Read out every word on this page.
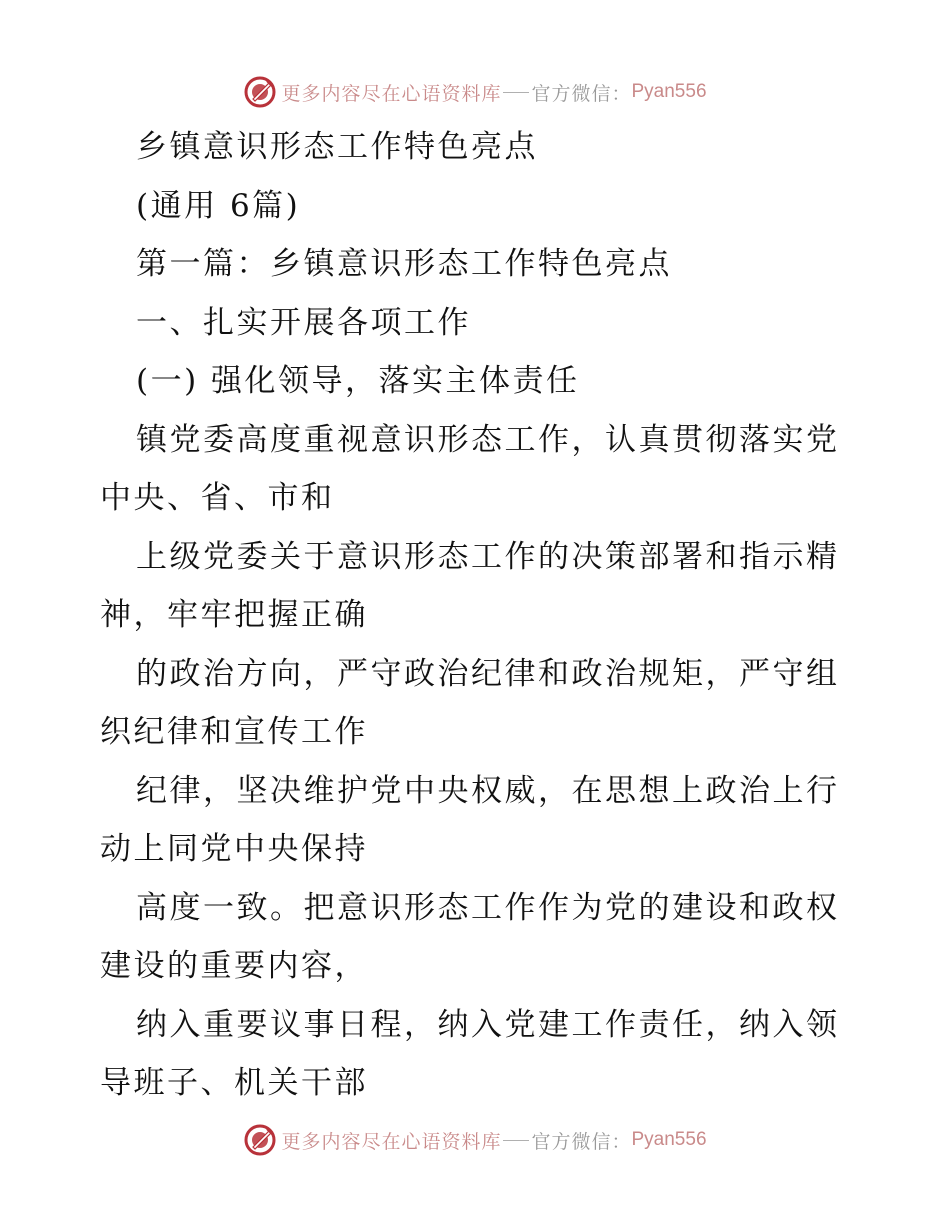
更多内容尽在心语资料库 官方微信： Pyan556
乡镇意识形态工作特色亮点
(通用 6篇)
第一篇：乡镇意识形态工作特色亮点
一、扎实开展各项工作
(一) 强化领导，落实主体责任
镇党委高度重视意识形态工作，认真贯彻落实党
中央、省、市和
上级党委关于意识形态工作的决策部署和指示精
神，牢牢把握正确
的政治方向，严守政治纪律和政治规矩，严守组
织纪律和宣传工作
纪律，坚决维护党中央权威，在思想上政治上行
动上同党中央保持
高度一致。把意识形态工作作为党的建设和政权
建设的重要内容，
纳入重要议事日程，纳入党建工作责任，纳入领
导班子、机关干部
更多内容尽在心语资料库 官方微信： Pyan556
